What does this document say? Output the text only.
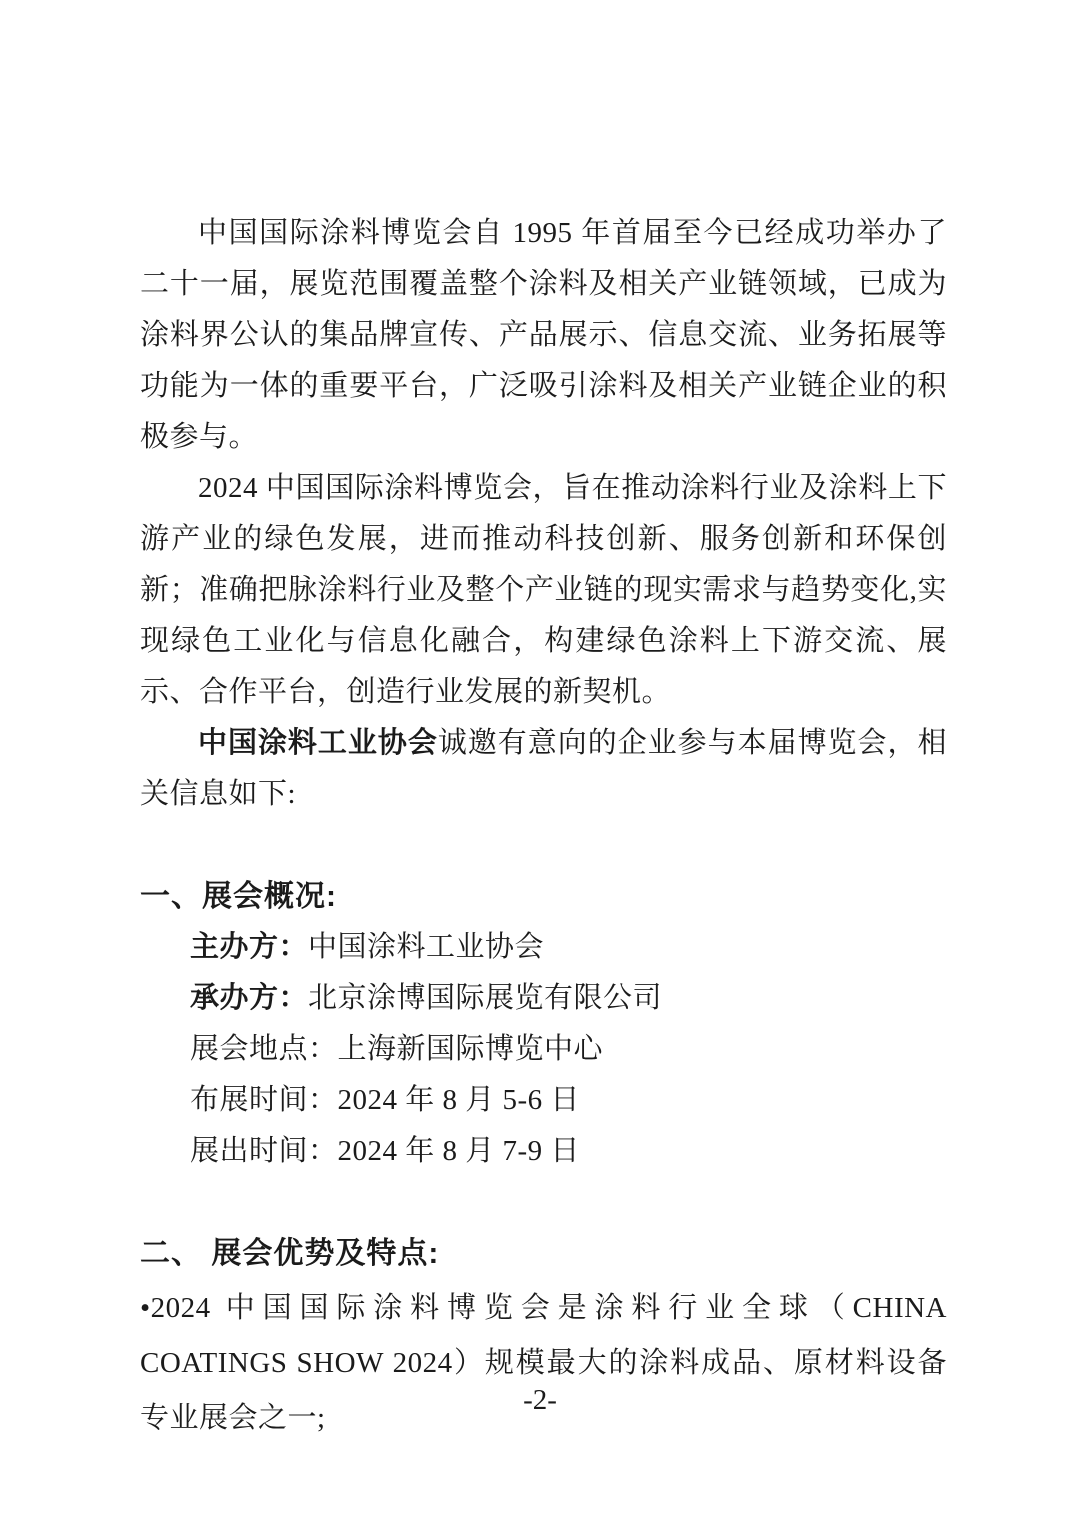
中国国际涂料博览会自 1995 年首届至今已经成功举办了二十一届，展览范围覆盖整个涂料及相关产业链领域，已成为涂料界公认的集品牌宣传、产品展示、信息交流、业务拓展等功能为一体的重要平台，广泛吸引涂料及相关产业链企业的积极参与。

2024 中国国际涂料博览会，旨在推动涂料行业及涂料上下游产业的绿色发展，进而推动科技创新、服务创新和环保创新；准确把脉涂料行业及整个产业链的现实需求与趋势变化,实现绿色工业化与信息化融合，构建绿色涂料上下游交流、展示、合作平台，创造行业发展的新契机。

中国涂料工业协会诚邀有意向的企业参与本届博览会，相关信息如下:

一、展会概况:

主办方：中国涂料工业协会

承办方：北京涂博国际展览有限公司

展会地点：上海新国际博览中心

布展时间：2024 年 8 月 5-6 日

展出时间：2024 年 8 月 7-9 日

二、 展会优势及特点:

•2024 中国国际涂料博览会是涂料行业全球（CHINA COATINGS SHOW 2024）规模最大的涂料成品、原材料设备专业展会之一;

-2-
